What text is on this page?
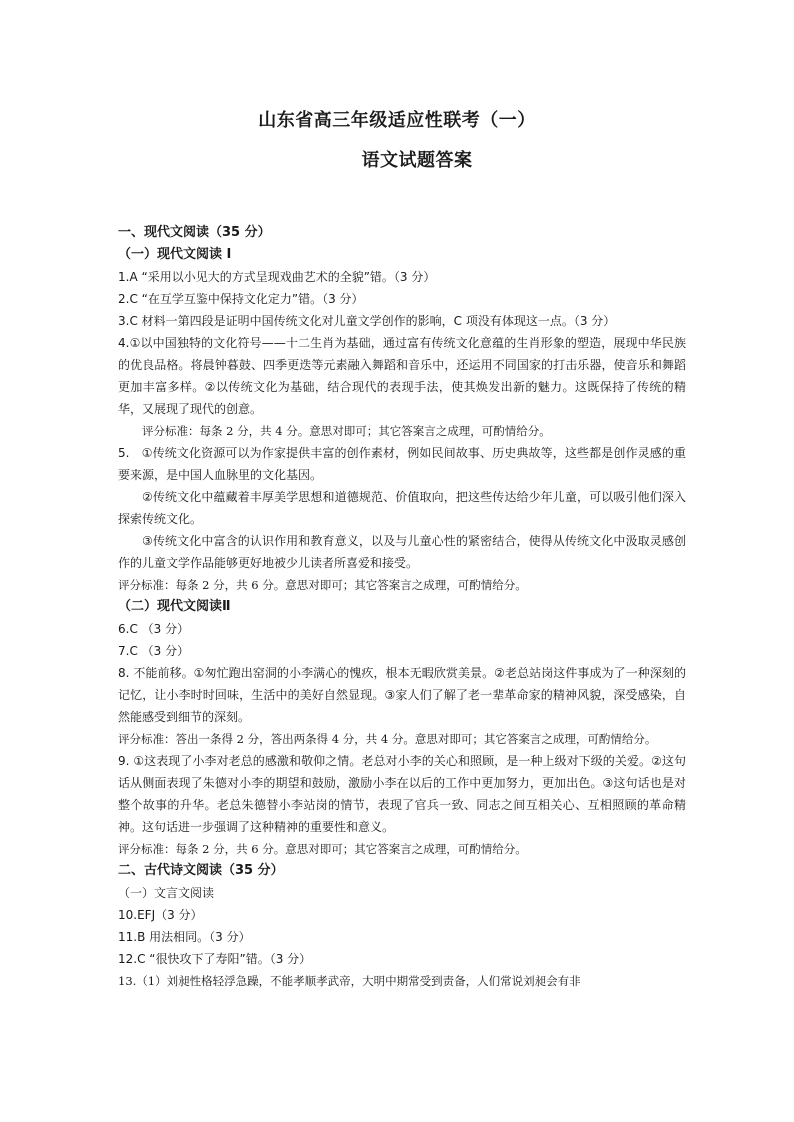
山东省高三年级适应性联考（一）
语文试题答案

一、现代文阅读（35 分）

（一）现代文阅读 I

1.A “采用以小见大的方式呈现戏曲艺术的全貌”错。（3 分）

2.C “在互学互鉴中保持文化定力”错。（3 分）

3.C 材料一第四段是证明中国传统文化对儿童文学创作的影响，C 项没有体现这一点。（3 分）

4.①以中国独特的文化符号——十二生肖为基础，通过富有传统文化意蕴的生肖形象的塑造，展现中华民族的优良品格。将晨钟暮鼓、四季更迭等元素融入舞蹈和音乐中，还运用不同国家的打击乐器，使音乐和舞蹈更加丰富多样。②以传统文化为基础，结合现代的表现手法，使其焕发出新的魅力。这既保持了传统的精华，又展现了现代的创意。

评分标准：每条 2 分，共 4 分。意思对即可；其它答案言之成理，可酌情给分。

5.　①传统文化资源可以为作家提供丰富的创作素材，例如民间故事、历史典故等，这些都是创作灵感的重要来源，是中国人血脉里的文化基因。

②传统文化中蕴藏着丰厚美学思想和道德规范、价值取向，把这些传达给少年儿童，可以吸引他们深入探索传统文化。

③传统文化中富含的认识作用和教育意义，以及与儿童心性的紧密结合，使得从传统文化中汲取灵感创作的儿童文学作品能够更好地被少儿读者所喜爱和接受。

评分标准：每条 2 分，共 6 分。意思对即可；其它答案言之成理，可酌情给分。

（二）现代文阅读Ⅱ

6.C （3 分）

7.C （3 分）

8. 不能前移。①匆忙跑出窑洞的小李满心的愧疚，根本无暇欣赏美景。②老总站岗这件事成为了一种深刻的记忆，让小李时时回味，生活中的美好自然显现。③家人们了解了老一辈革命家的精神风貌，深受感染，自然能感受到细节的深刻。

评分标准：答出一条得 2 分，答出两条得 4 分，共 4 分。意思对即可；其它答案言之成理，可酌情给分。

9. ①这表现了小李对老总的感激和敬仰之情。老总对小李的关心和照顾，是一种上级对下级的关爱。②这句话从侧面表现了朱德对小李的期望和鼓励，激励小李在以后的工作中更加努力，更加出色。③这句话也是对整个故事的升华。老总朱德替小李站岗的情节，表现了官兵一致、同志之间互相关心、互相照顾的革命精神。这句话进一步强调了这种精神的重要性和意义。

评分标准：每条 2 分，共 6 分。意思对即可；其它答案言之成理，可酌情给分。

二、古代诗文阅读（35 分）

（一）文言文阅读

10.EFJ（3 分）

11.B 用法相同。（3 分）

12.C “很快攻下了寿阳”错。（3 分）

13.（1）刘昶性格轻浮急躁，不能孝顺孝武帝，大明中期常受到责备，人们常说刘昶会有非
